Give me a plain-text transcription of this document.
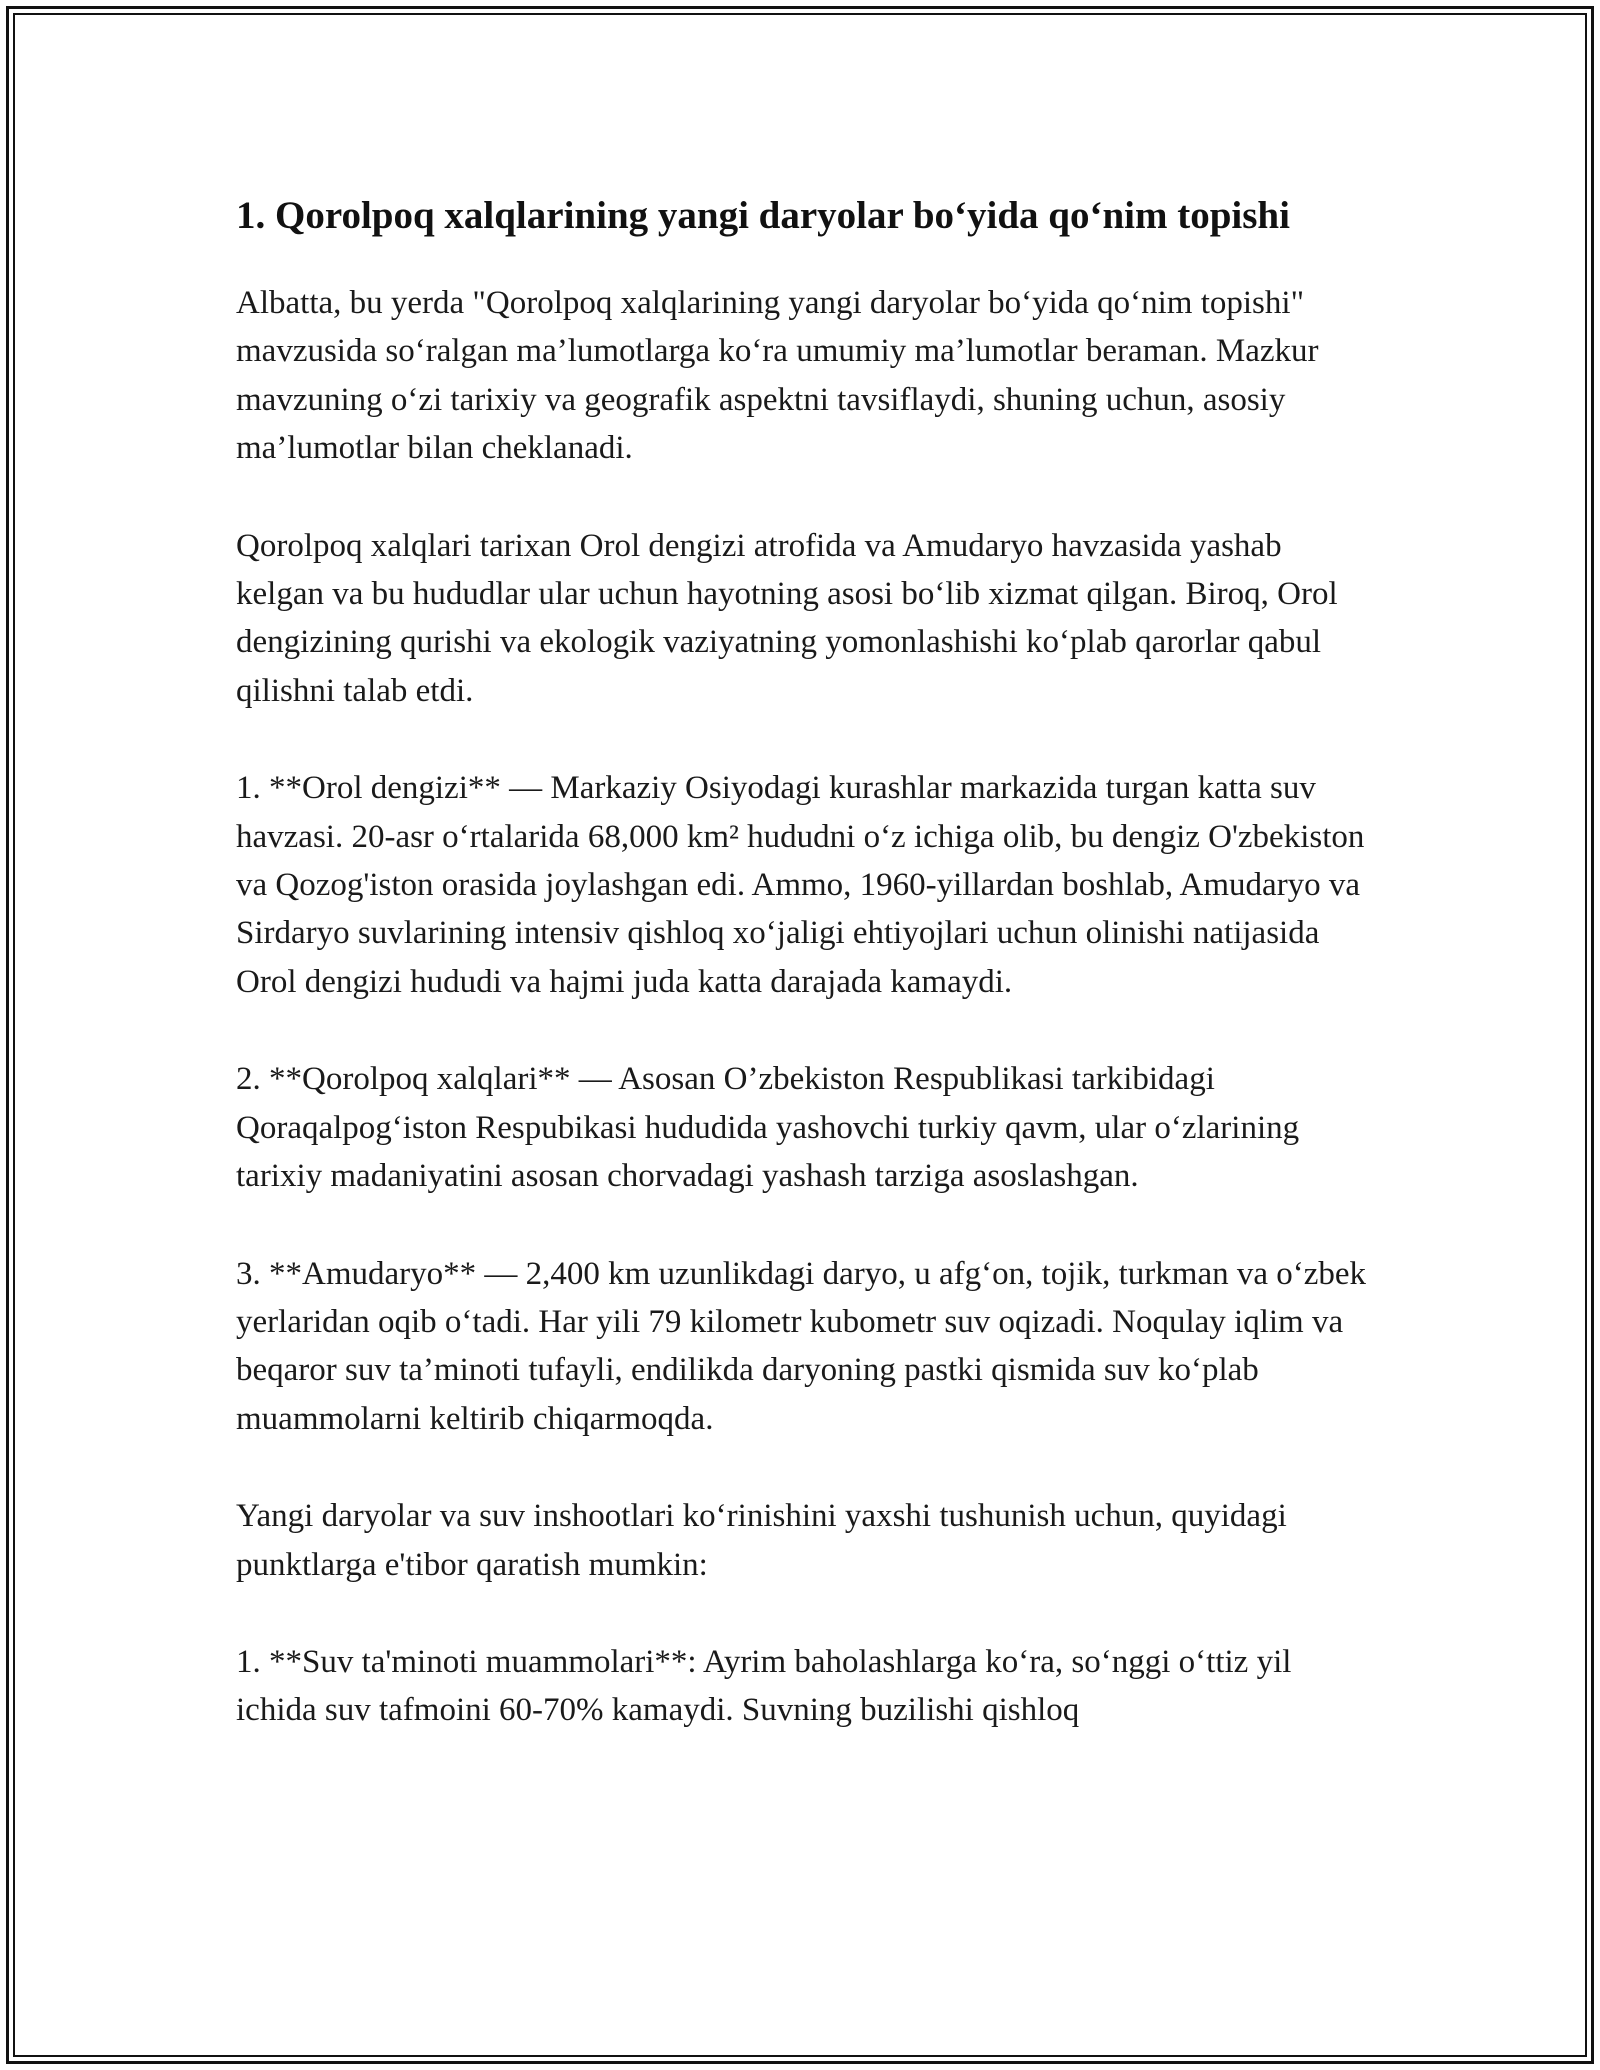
1. Qorolpoq xalqlarining yangi daryolar bo‘yida qo‘nim topishi

Albatta, bu yerda "Qorolpoq xalqlarining yangi daryolar bo‘yida qo‘nim topishi" mavzusida so‘ralgan ma’lumotlarga ko‘ra umumiy ma’lumotlar beraman. Mazkur mavzuning o‘zi tarixiy va geografik aspektni tavsiflaydi, shuning uchun, asosiy ma’lumotlar bilan cheklanadi.

Qorolpoq xalqlari tarixan Orol dengizi atrofida va Amudaryo havzasida yashab kelgan va bu hududlar ular uchun hayotning asosi bo‘lib xizmat qilgan. Biroq, Orol dengizining qurishi va ekologik vaziyatning yomonlashishi ko‘plab qarorlar qabul qilishni talab etdi.

1. **Orol dengizi** — Markaziy Osiyodagi kurashlar markazida turgan katta suv havzasi. 20-asr o‘rtalarida 68,000 km² hududni o‘z ichiga olib, bu dengiz O'zbekiston va Qozog'iston orasida joylashgan edi. Ammo, 1960-yillardan boshlab, Amudaryo va Sirdaryo suvlarining intensiv qishloq xo‘jaligi ehtiyojlari uchun olinishi natijasida Orol dengizi hududi va hajmi juda katta darajada kamaydi.

2. **Qorolpoq xalqlari** — Asosan O’zbekiston Respublikasi tarkibidagi Qoraqalpog‘iston Respubikasi hududida yashovchi turkiy qavm, ular o‘zlarining tarixiy madaniyatini asosan chorvadagi yashash tarziga asoslashgan.

3. **Amudaryo** — 2,400 km uzunlikdagi daryo, u afg‘on, tojik, turkman va o‘zbek yerlaridan oqib o‘tadi. Har yili 79 kilometr kubometr suv oqizadi. Noqulay iqlim va beqaror suv ta’minoti tufayli, endilikda daryoning pastki qismida suv ko‘plab muammolarni keltirib chiqarmoqda.

Yangi daryolar va suv inshootlari ko‘rinishini yaxshi tushunish uchun, quyidagi punktlarga e'tibor qaratish mumkin:

1. **Suv ta'minoti muammolari**: Ayrim baholashlarga ko‘ra, so‘nggi o‘ttiz yil ichida suv tafmoini 60-70% kamaydi. Suvning buzilishi qishloq
